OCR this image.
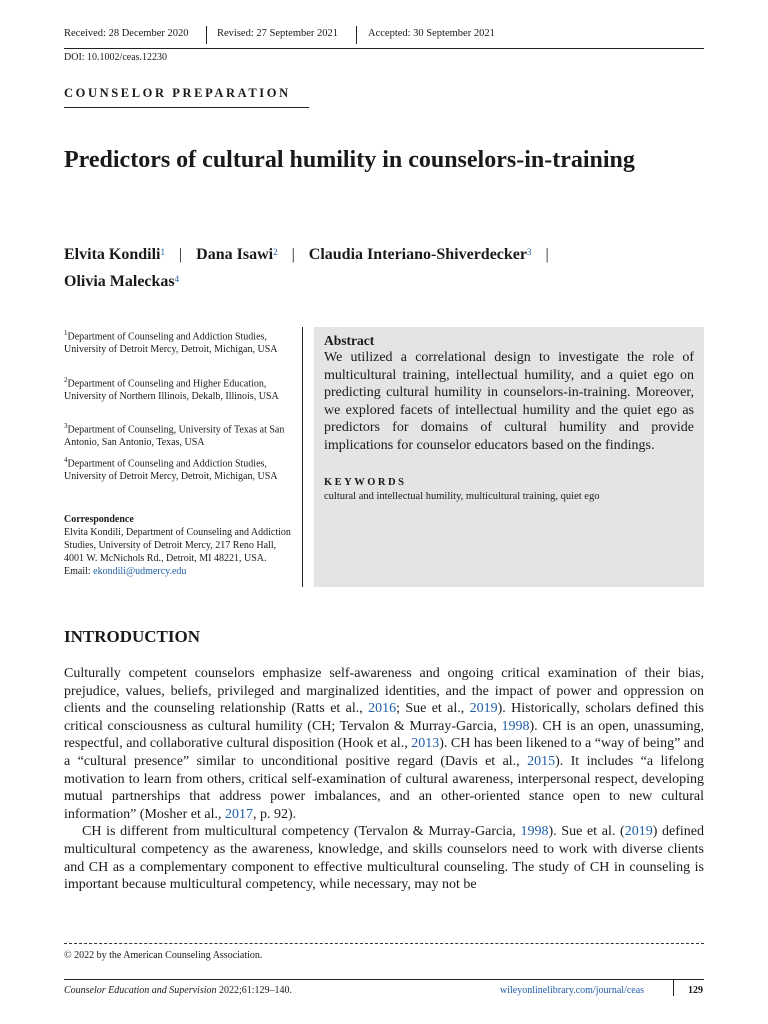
Received: 28 December 2020	Revised: 27 September 2021	Accepted: 30 September 2021
DOI: 10.1002/ceas.12230
COUNSELOR PREPARATION
Predictors of cultural humility in counselors-in-training
Elvita Kondili$^1$ | Dana Isawi$^2$ | Claudia Interiano-Shiverdecker$^3$ |
Olivia Maleckas$^4$
$^1$Department of Counseling and Addiction Studies, University of Detroit Mercy, Detroit, Michigan, USA
$^2$Department of Counseling and Higher Education, University of Northern Illinois, Dekalb, Illinois, USA
$^3$Department of Counseling, University of Texas at San Antonio, San Antonio, Texas, USA
$^4$Department of Counseling and Addiction Studies, University of Detroit Mercy, Detroit, Michigan, USA
Correspondence
Elvita Kondili, Department of Counseling and Addiction Studies, University of Detroit Mercy, 217 Reno Hall, 4001 W. McNichols Rd., Detroit, MI 48221, USA.
Email: ekondili@udmercy.edu
Abstract
We utilized a correlational design to investigate the role of multicultural training, intellectual humility, and a quiet ego on predicting cultural humility in counselors-in-training. Moreover, we explored facets of intellectual humility and the quiet ego as predictors for domains of cultural humility and provide implications for counselor educators based on the findings.
KEYWORDS
cultural and intellectual humility, multicultural training, quiet ego
INTRODUCTION

Culturally competent counselors emphasize self-awareness and ongoing critical examination of their bias, prejudice, values, beliefs, privileged and marginalized identities, and the impact of power and oppression on clients and the counseling relationship (Ratts et al., 2016; Sue et al., 2019). Historically, scholars defined this critical consciousness as cultural humility (CH; Tervalon & Murray-Garcia, 1998). CH is an open, unassuming, respectful, and collaborative cultural disposition (Hook et al., 2013). CH has been likened to a “way of being” and a “cultural presence” similar to unconditional positive regard (Davis et al., 2015). It includes “a lifelong motivation to learn from others, critical self-examination of cultural awareness, interpersonal respect, developing mutual partnerships that address power imbalances, and an other-oriented stance open to new cultural information” (Mosher et al., 2017, p. 92).

CH is different from multicultural competency (Tervalon & Murray-Garcia, 1998). Sue et al. (2019) defined multicultural competency as the awareness, knowledge, and skills counselors need to work with diverse clients and CH as a complementary component to effective multicultural counseling. The study of CH in counseling is important because multicultural competency, while necessary, may not be

© 2022 by the American Counseling Association.
Counselor Education and Supervision 2022;61:129–140.	wileyonlinelibrary.com/journal/ceas	129
